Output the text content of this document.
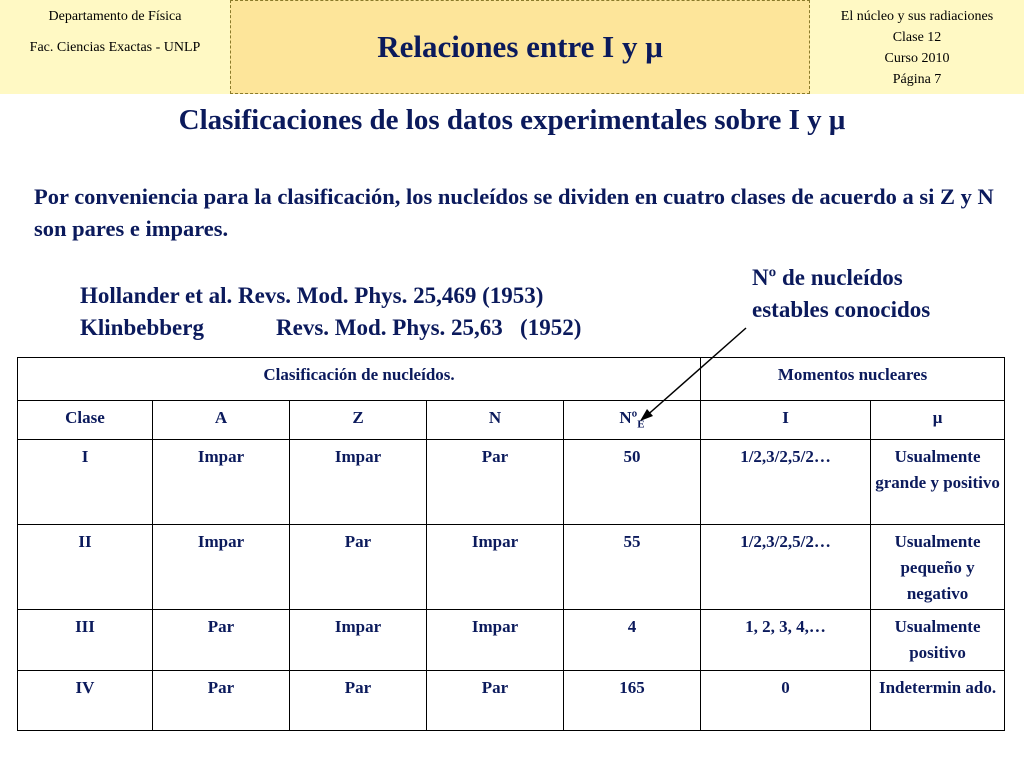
Departamento de Física
Fac. Ciencias Exactas - UNLP	Relaciones entre I y μ
El núcleo y sus radiaciones
Clase 12
Curso 2010
Página 7
Clasificaciones de los datos experimentales sobre I y μ
Por conveniencia para la clasificación, los nucleídos se dividen en cuatro clases de acuerdo a si Z y N son pares e impares.
Hollander et al. Revs. Mod. Phys. 25,469 (1953)
Klinbebberg	Revs. Mod. Phys. 25,63   (1952)
Nº de nucleídos
estables conocidos
Clasificación de nucleídos.					Momentos nucleares	
Clase	A	Z	N	Nº$_E$	I	μ
I	Impar	Impar	Par	50	1/2,3/2,5/2…	Usualmente grande y positivo
II	Impar	Par	Impar	55	1/2,3/2,5/2…	Usualmente pequeño y negativo
III	Par	Impar	Impar	4	1, 2, 3, 4,…	Usualmente positivo
IV	Par	Par	Par	165	0	Indetermin ado.
